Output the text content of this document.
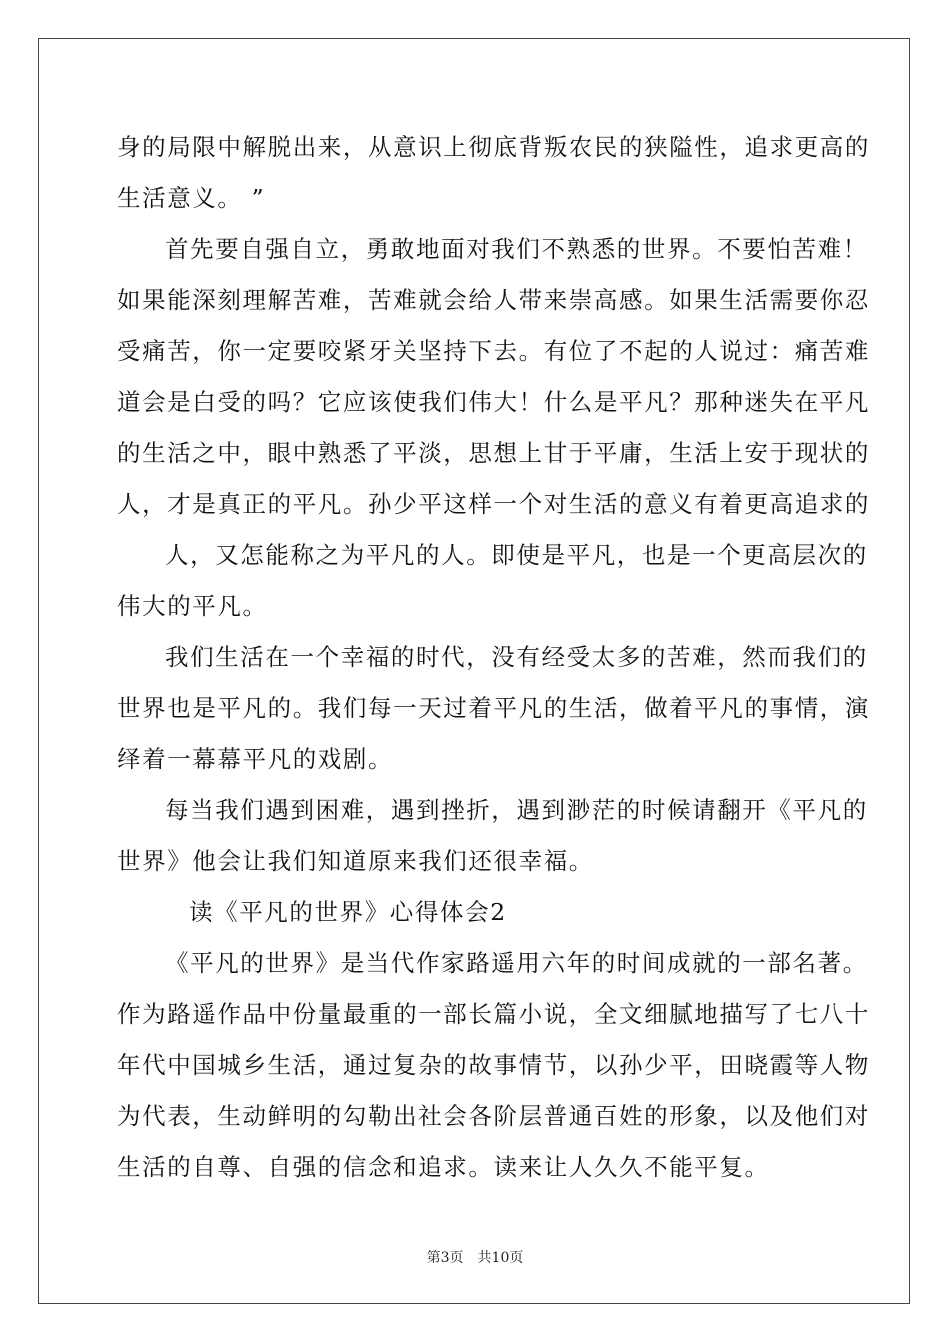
身的局限中解脱出来，从意识上彻底背叛农民的狭隘性，追求更高的
生活意义。 ”
首先要自强自立，勇敢地面对我们不熟悉的世界。不要怕苦难！
如果能深刻理解苦难，苦难就会给人带来崇高感。如果生活需要你忍
受痛苦，你一定要咬紧牙关坚持下去。有位了不起的人说过：痛苦难
道会是白受的吗？它应该使我们伟大！什么是平凡？那种迷失在平凡
的生活之中，眼中熟悉了平淡，思想上甘于平庸，生活上安于现状的
人，才是真正的平凡。孙少平这样一个对生活的意义有着更高追求的
人，又怎能称之为平凡的人。即使是平凡，也是一个更高层次的
伟大的平凡。
我们生活在一个幸福的时代，没有经受太多的苦难，然而我们的
世界也是平凡的。我们每一天过着平凡的生活，做着平凡的事情，演
绎着一幕幕平凡的戏剧。
每当我们遇到困难，遇到挫折，遇到渺茫的时候请翻开《平凡的
世界》他会让我们知道原来我们还很幸福。
读《平凡的世界》心得体会2
《平凡的世界》是当代作家路遥用六年的时间成就的一部名著。
作为路遥作品中份量最重的一部长篇小说，全文细腻地描写了七八十
年代中国城乡生活，通过复杂的故事情节，以孙少平，田晓霞等人物
为代表，生动鲜明的勾勒出社会各阶层普通百姓的形象，以及他们对
生活的自尊、自强的信念和追求。读来让人久久不能平复。
第3页　共10页
